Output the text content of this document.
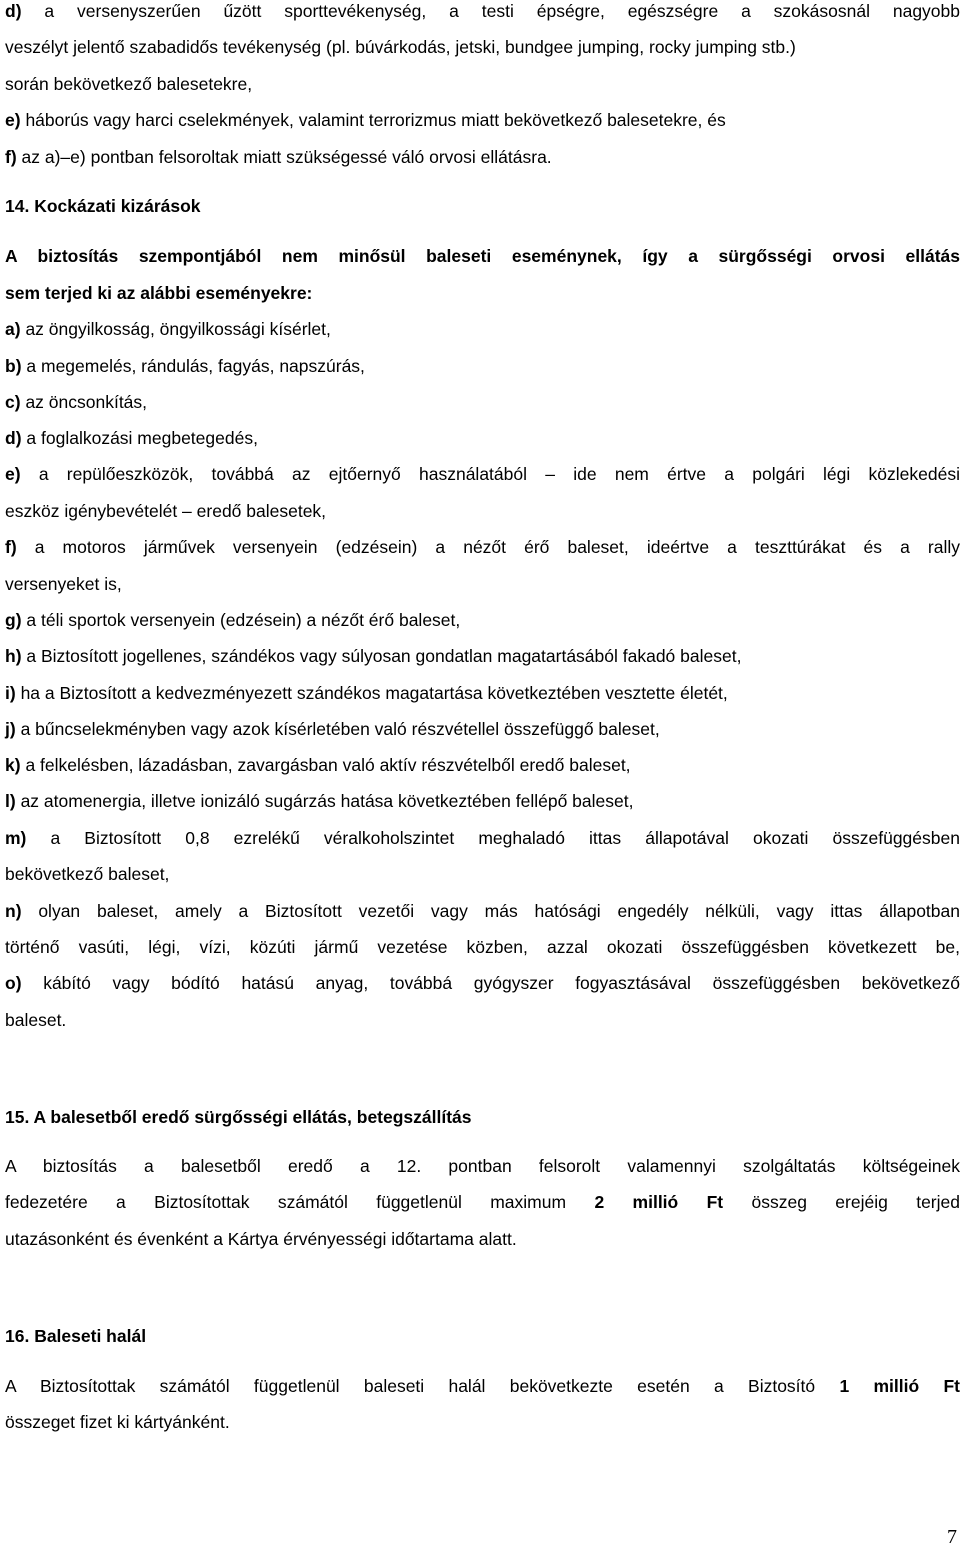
d) a versenyszerűen űzött sporttevékenység, a testi épségre, egészségre a szokásosnál nagyobb
veszélyt jelentő szabadidős tevékenység (pl. búvárkodás, jetski, bundgee jumping, rocky jumping stb.)
során bekövetkező balesetekre,
e) háborús vagy harci cselekmények, valamint terrorizmus miatt bekövetkező balesetekre, és
f) az a)–e) pontban felsoroltak miatt szükségessé váló orvosi ellátásra.
14. Kockázati kizárások
A biztosítás szempontjából nem minősül baleseti eseménynek, így a sürgősségi orvosi ellátás
sem terjed ki az alábbi eseményekre:
a) az öngyilkosság, öngyilkossági kísérlet,
b) a megemelés, rándulás, fagyás, napszúrás,
c) az öncsonkítás,
d) a foglalkozási megbetegedés,
e) a repülőeszközök, továbbá az ejtőernyő használatából – ide nem értve a polgári légi közlekedési
eszköz igénybevételét – eredő balesetek,
f) a motoros járművek versenyein (edzésein) a nézőt érő baleset, ideértve a teszttúrákat és a rally
versenyeket is,
g) a téli sportok versenyein (edzésein) a nézőt érő baleset,
h) a Biztosított jogellenes, szándékos vagy súlyosan gondatlan magatartásából fakadó baleset,
i) ha a Biztosított a kedvezményezett szándékos magatartása következtében vesztette életét,
j) a bűncselekményben vagy azok kísérletében való részvétellel összefüggő baleset,
k) a felkelésben, lázadásban, zavargásban való aktív részvételből eredő baleset,
l) az atomenergia, illetve ionizáló sugárzás hatása következtében fellépő baleset,
m) a Biztosított 0,8 ezrelékű véralkoholszintet meghaladó ittas állapotával okozati összefüggésben
bekövetkező baleset,
n) olyan baleset, amely a Biztosított vezetői vagy más hatósági engedély nélküli, vagy ittas állapotban
történő vasúti, légi, vízi, közúti jármű vezetése közben, azzal okozati összefüggésben következett be,
o) kábító vagy bódító hatású anyag, továbbá gyógyszer fogyasztásával összefüggésben bekövetkező
baleset.
15. A balesetből eredő sürgősségi ellátás, betegszállítás
A biztosítás a balesetből eredő a 12. pontban felsorolt valamennyi szolgáltatás költségeinek
fedezetére a Biztosítottak számától függetlenül maximum 2 millió Ft összeg erejéig terjed
utazásonként és évenként a Kártya érvényességi időtartama alatt.
16. Baleseti halál
A Biztosítottak számától függetlenül baleseti halál bekövetkezte esetén a Biztosító 1 millió Ft
összeget fizet ki kártyánként.
7
